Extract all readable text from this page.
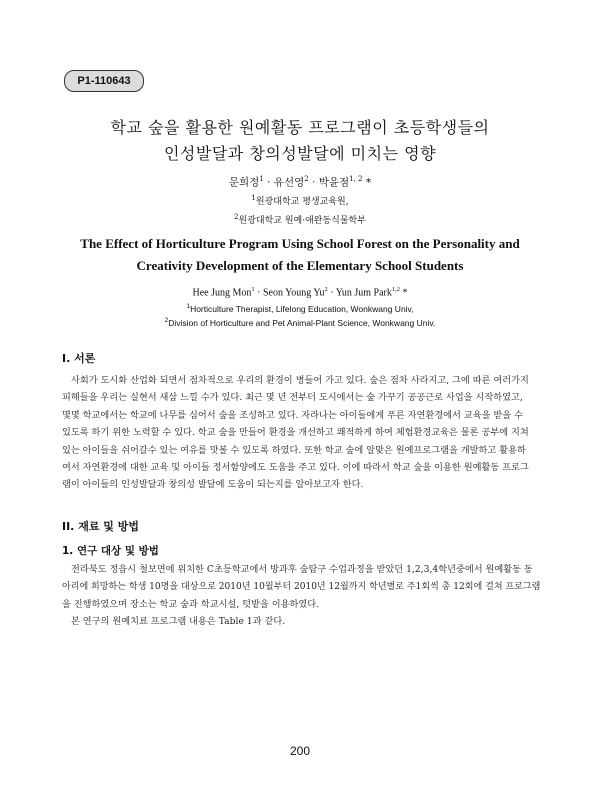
P1-110643
학교 숲을 활용한 원예활동 프로그램이 초등학생들의
인성발달과 창의성발달에 미치는 영향
문희정$^1$ · 유선영$^2$ · 박윤점$^{1, 2}$ *
$^1$원광대학교 평생교육원,
$^2$원광대학교 원예·애완동식물학부
The Effect of Horticulture Program Using School Forest on the Personality and
Creativity Development of the Elementary School Students
Hee Jung Mon$^1$ · Seon Young $Yu^2$ · Yun Jum Park$^{1,2}$ *
$^1$Horticulture Therapist, Lifelong Education, Wonkwang Univ,
$^2$Division of Horticulture and Pet Animal-Plant Science, Wonkwang Univ.
I. 서론
사회가 도시화 산업화 되면서 점차적으로 우리의 환경이 병들어 가고 있다. 숲은 점차 사라지고, 그에 따른 여러가지
피해들을 우리는 실현서 새삼 느낄 수가 있다. 최근 몇 년 전부터 도시에서는 숲 가꾸기 공공근로 사업을 시작하였고,
몇몇 학교에서는 학교에 나무를 심어서 숲을 조성하고 있다. 자라나는 아이들에게 푸른 자연환경에서 교육을 받을 수
있도록 하기 위한 노력할 수 있다. 학교 숲을 만들어 환경을 개선하고 쾌적하게 하여 체험환경교육은 물론 공부에 지쳐
있는 아이들을 쉬어갈수 있는 여유를 맛볼 수 있도록 하였다. 또한 학교 숲에 알맞은 원예프로그램을 개발하고 활용하
여서 자연환경에 대한 교육 및 아이들 정서함양에도 도움을 주고 있다. 이에 따라서 학교 숲을 이용한 원예활동 프로그
램이 아이들의 인성발달과 창의성 발달에 도움이 되는지를 알아보고자 한다.
II. 재료 및 방법
1. 연구 대상 및 방법
전라북도 정읍시 철보면에 위치한 C초등학교에서 방과후 숲탐구 수업과정을 받았던 1,2,3,4학년중에서 원예활동 동
아리에 희망하는 학생 10명을 대상으로 2010년 10월부터 2010년 12월까지 학년별로 주1회씩 총 12회에 걸쳐 프로그램
을 진행하였으며 장소는 학교 숲과 학교시설, 텃밭을 이용하였다.
본 연구의 원예치료 프로그램 내용은 Table 1과 같다.
200
